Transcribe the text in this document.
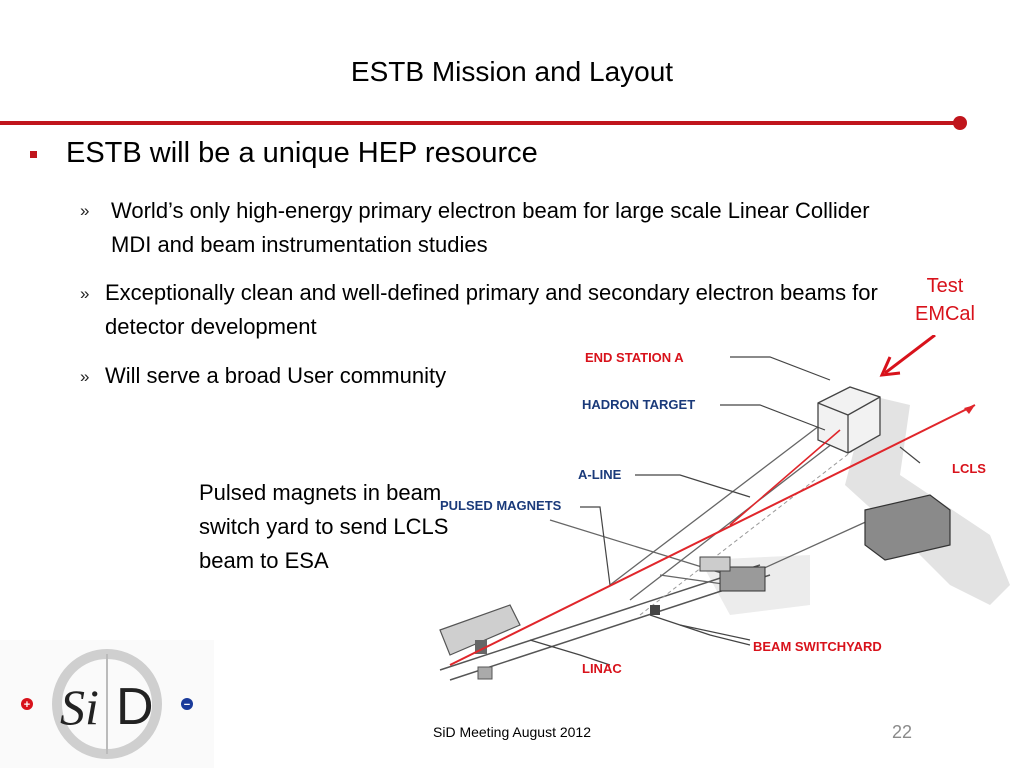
ESTB Mission and Layout
ESTB will be a unique HEP resource
» World’s only high-energy primary electron beam for large scale Linear Collider MDI and beam instrumentation studies
» Exceptionally clean and well-defined primary and secondary electron beams for detector development
» Will serve a broad User community
Test
EMCal
Pulsed magnets in beam switch yard to send LCLS beam to ESA
END STATION A
HADRON TARGET
A-LINE
PULSED MAGNETS
LCLS
BEAM SWITCHYARD
LINAC
+	−
Si D	SiD Meeting August 2012	22
